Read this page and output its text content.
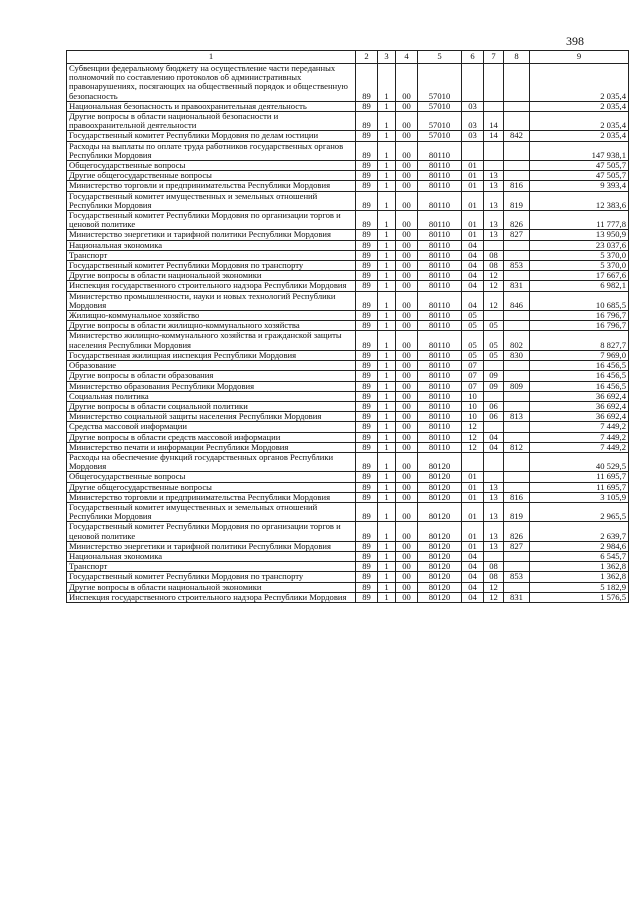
398
1	2	3	4	5	6	7	8	9
Субвенции федеральному бюджету на осуществление части переданных полномочий по составлению протоколов об административных правонарушениях, посягающих на общественный порядок и общественную безопасность	89	1	00	57010				2 035,4
Национальная безопасность и правоохранительная деятельность	89	1	00	57010	03			2 035,4
Другие вопросы в области национальной безопасности и правоохранительной деятельности	89	1	00	57010	03	14		2 035,4
Государственный комитет Республики Мордовия по делам юстиции	89	1	00	57010	03	14	842	2 035,4
Расходы на выплаты по оплате труда работников государственных органов Республики Мордовия	89	1	00	80110				147 938,1
Общегосударственные вопросы	89	1	00	80110	01			47 505,7
Другие общегосударственные вопросы	89	1	00	80110	01	13		47 505,7
Министерство торговли и предпринимательства Республики Мордовия	89	1	00	80110	01	13	816	9 393,4
Государственный комитет имущественных и земельных отношений Республики Мордовия	89	1	00	80110	01	13	819	12 383,6
Государственный комитет Республики Мордовия по организации торгов и ценовой политике	89	1	00	80110	01	13	826	11 777,8
Министерство энергетики и тарифной политики Республики Мордовия	89	1	00	80110	01	13	827	13 950,9
Национальная экономика	89	1	00	80110	04			23 037,6
Транспорт	89	1	00	80110	04	08		5 370,0
Государственный комитет Республики Мордовия по транспорту	89	1	00	80110	04	08	853	5 370,0
Другие вопросы в области национальной экономики	89	1	00	80110	04	12		17 667,6
Инспекция государственного строительного надзора Республики Мордовия	89	1	00	80110	04	12	831	6 982,1
Министерство промышленности, науки и новых технологий Республики Мордовия	89	1	00	80110	04	12	846	10 685,5
Жилищно-коммунальное хозяйство	89	1	00	80110	05			16 796,7
Другие вопросы в области жилищно-коммунального хозяйства	89	1	00	80110	05	05		16 796,7
Министерство жилищно-коммунального хозяйства и гражданской защиты населения Республики Мордовия	89	1	00	80110	05	05	802	8 827,7
Государственная жилищная инспекция Республики Мордовия	89	1	00	80110	05	05	830	7 969,0
Образование	89	1	00	80110	07			16 456,5
Другие вопросы в области образования	89	1	00	80110	07	09		16 456,5
Министерство образования Республики Мордовия	89	1	00	80110	07	09	809	16 456,5
Социальная политика	89	1	00	80110	10			36 692,4
Другие вопросы в области социальной политики	89	1	00	80110	10	06		36 692,4
Министерство социальной защиты населения Республики Мордовия	89	1	00	80110	10	06	813	36 692,4
Средства массовой информации	89	1	00	80110	12			7 449,2
Другие вопросы в области средств массовой информации	89	1	00	80110	12	04		7 449,2
Министерство печати и информации Республики Мордовия	89	1	00	80110	12	04	812	7 449,2
Расходы на обеспечение функций государственных органов Республики Мордовия	89	1	00	80120				40 529,5
Общегосударственные вопросы	89	1	00	80120	01			11 695,7
Другие общегосударственные вопросы	89	1	00	80120	01	13		11 695,7
Министерство торговли и предпринимательства Республики Мордовия	89	1	00	80120	01	13	816	3 105,9
Государственный комитет имущественных и земельных отношений Республики Мордовия	89	1	00	80120	01	13	819	2 965,5
Государственный комитет Республики Мордовия по организации торгов и ценовой политике	89	1	00	80120	01	13	826	2 639,7
Министерство энергетики и тарифной политики Республики Мордовия	89	1	00	80120	01	13	827	2 984,6
Национальная экономика	89	1	00	80120	04			6 545,7
Транспорт	89	1	00	80120	04	08		1 362,8
Государственный комитет Республики Мордовия по транспорту	89	1	00	80120	04	08	853	1 362,8
Другие вопросы в области национальной экономики	89	1	00	80120	04	12		5 182,9
Инспекция государственного строительного надзора Республики Мордовия	89	1	00	80120	04	12	831	1 576,5
